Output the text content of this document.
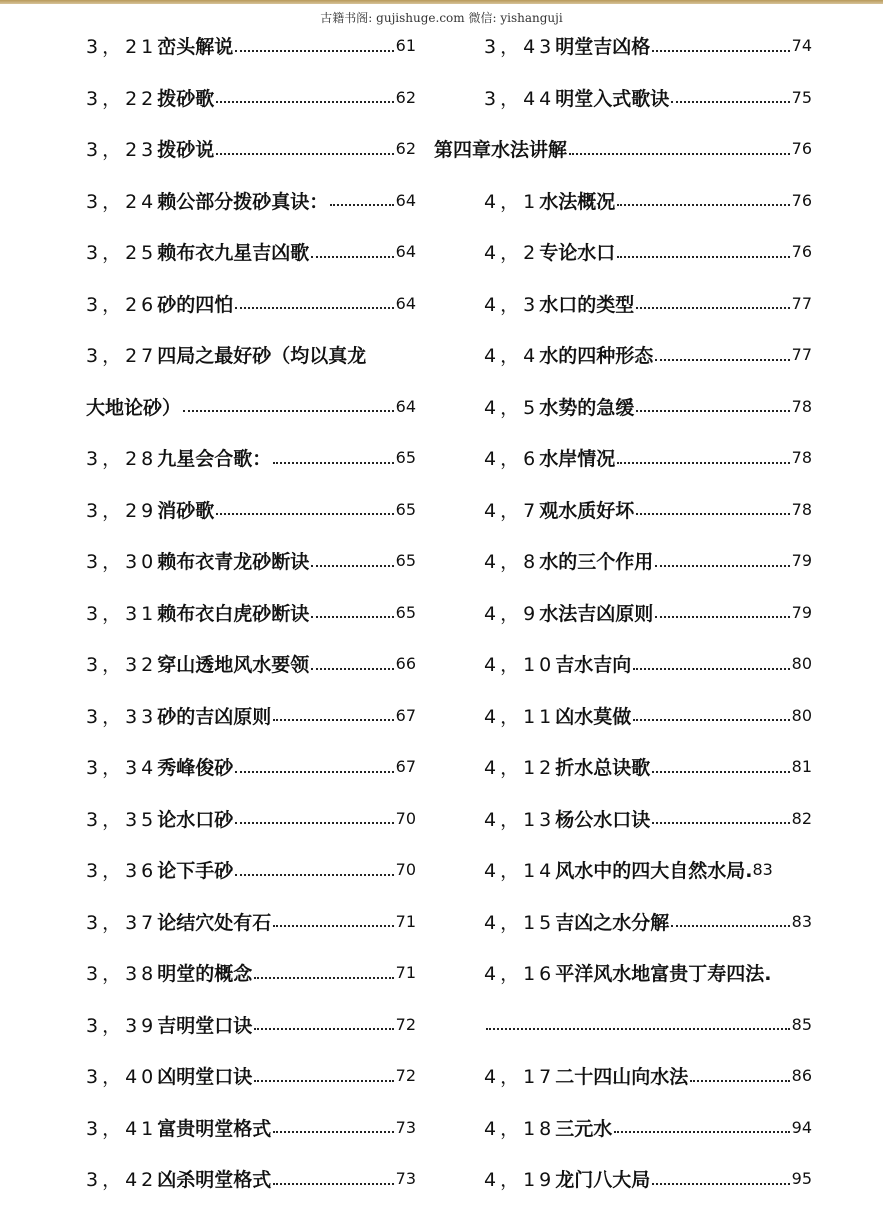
古籍书阁: gujishuge.com 微信: yishanguji
3，21 峦头解说	61
3，22 拨砂歌	62
3，23 拨砂说	62
3，24 赖公部分拨砂真诀：	64
3，25 赖布衣九星吉凶歌	64
3，26 砂的四怕	64
3，27 四局之最好砂（均以真龙
大地论砂）	64
3，28 九星会合歌：	65
3，29 消砂歌	65
3，30 赖布衣青龙砂断诀	65
3，31 赖布衣白虎砂断诀	65
3，32 穿山透地风水要领	66
3，33 砂的吉凶原则	67
3，34 秀峰俊砂	67
3，35 论水口砂	70
3，36 论下手砂	70
3，37 论结穴处有石	71
3，38 明堂的概念	71
3，39 吉明堂口诀	72
3，40 凶明堂口诀	72
3，41 富贵明堂格式	73
3，42 凶杀明堂格式	73
3，43 明堂吉凶格	74
3，44 明堂入式歌诀	75
第四章水法讲解	76
4，1 水法概况	76
4，2 专论水口	76
4，3 水口的类型	77
4，4 水的四种形态	77
4，5 水势的急缓	78
4，6 水岸情况	78
4，7 观水质好坏	78
4，8 水的三个作用	79
4，9 水法吉凶原则	79
4，10 吉水吉向	80
4，11 凶水莫做	80
4，12 折水总诀歌	81
4，13 杨公水口诀	82
4，14 风水中的四大自然水局. 83
4，15 吉凶之水分解	83
4，16 平洋风水地富贵丁寿四法.
85
4，17 二十四山向水法	86
4，18 三元水	94
4，19 龙门八大局	95
